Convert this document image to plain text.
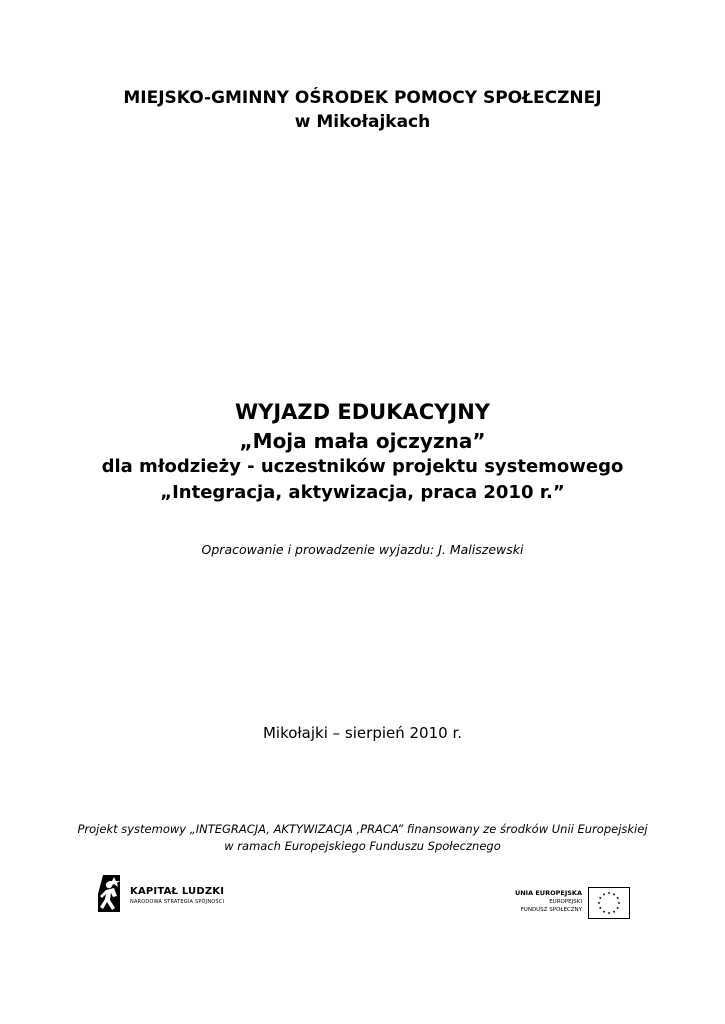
MIEJSKO-GMINNY OŚRODEK POMOCY SPOŁECZNEJ
w Mikołajkach
WYJAZD EDUKACYJNY
„Moja mała ojczyzna”
dla młodzieży - uczestników projektu systemowego
„Integracja, aktywizacja, praca 2010 r.”
Opracowanie i prowadzenie wyjazdu: J. Maliszewski
Mikołajki – sierpień 2010 r.
Projekt systemowy „INTEGRACJA, AKTYWIZACJA ,PRACA” finansowany ze środków Unii Europejskiej
w ramach Europejskiego Funduszu Społecznego
KAPITAŁ LUDZKI
NARODOWA STRATEGIA SPÓJNOŚCI
UNIA EUROPEJSKA
EUROPEJSKI
FUNDUSZ SPOŁECZNY
